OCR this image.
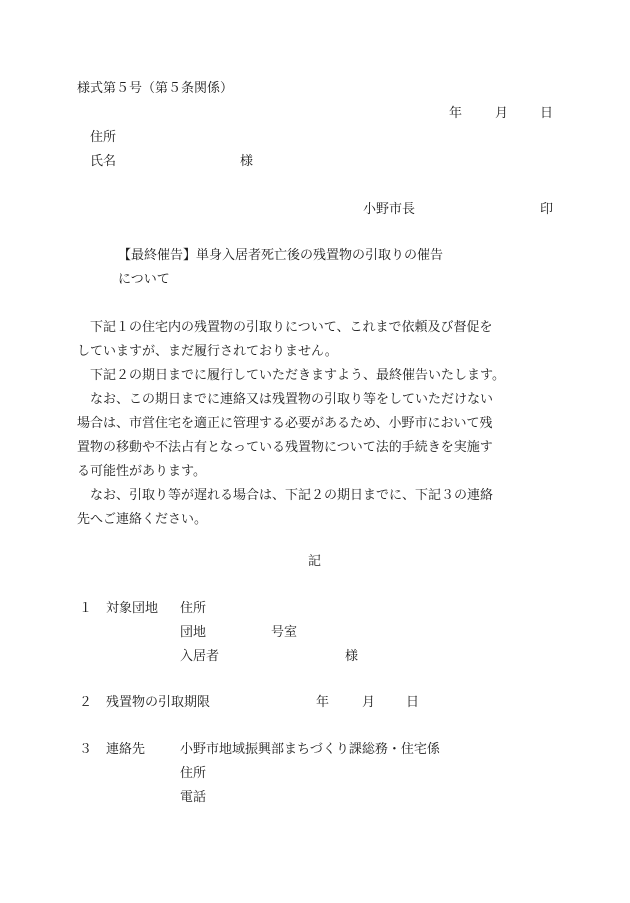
様式第５号（第５条関係）
年	月 日
住所
氏名	様
小野市長	印
【最終催告】単身入居者死亡後の残置物の引取りの催告
について
下記１の住宅内の残置物の引取りについて、これまで依頼及び督促を
していますが、まだ履行されておりません。
下記２の期日までに履行していただきますよう、最終催告いたします。
なお、この期日までに連絡又は残置物の引取り等をしていただけない
場合は、市営住宅を適正に管理する必要があるため、小野市において残
置物の移動や不法占有となっている残置物について法的手続きを実施す
る可能性があります。
なお、引取り等が遅れる場合は、下記２の期日までに、下記３の連絡
先へご連絡ください。
記
１ 対象団地 住所
団地	号室
入居者	様
２ 残置物の引取期限	年	月 日
３ 連絡先	小野市地域振興部まちづくり課総務・住宅係
住所
電話
